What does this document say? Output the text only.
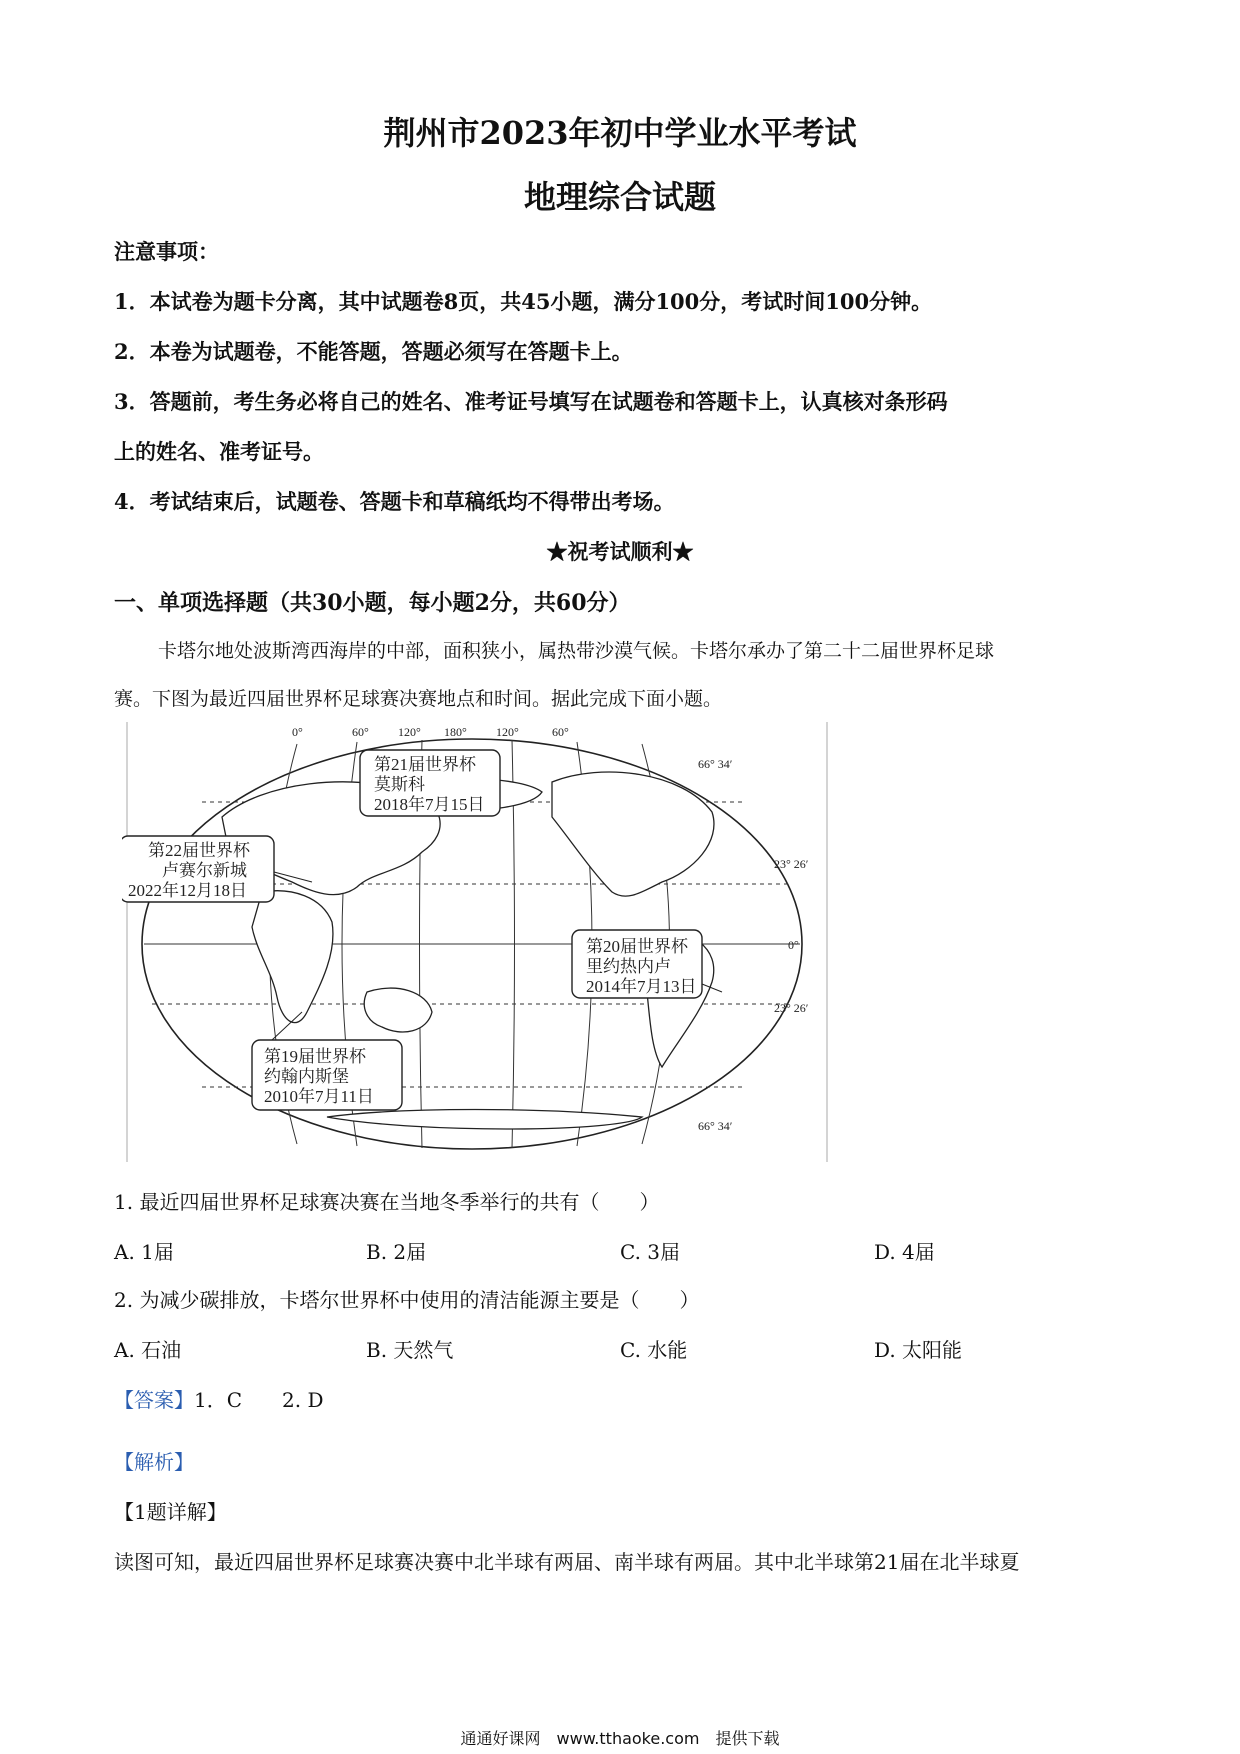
荆州市2023年初中学业水平考试
地理综合试题
注意事项：
1．本试卷为题卡分离，其中试题卷8页，共45小题，满分100分，考试时间100分钟。
2．本卷为试题卷，不能答题，答题必须写在答题卡上。
3．答题前，考生务必将自己的姓名、准考证号填写在试题卷和答题卡上，认真核对条形码
上的姓名、准考证号。
4．考试结束后，试题卷、答题卡和草稿纸均不得带出考场。
★祝考试顺利★
一、单项选择题（共30小题，每小题2分，共60分）
卡塔尔地处波斯湾西海岸的中部，面积狭小，属热带沙漠气候。卡塔尔承办了第二十二届世界杯足球
赛。下图为最近四届世界杯足球赛决赛地点和时间。据此完成下面小题。
0°	60° 120° 180° 120°	60°
66° 34′
23° 26′
0°
23° 26′
66° 34′
第21届世界杯
莫斯科
2018年7月15日
第22届世界杯
卢赛尔新城
2022年12月18日
第20届世界杯
里约热内卢
2014年7月13日
第19届世界杯
约翰内斯堡
2010年7月11日
1. 最近四届世界杯足球赛决赛在当地冬季举行的共有（　　）
A. 1届	B. 2届	C. 3届	D. 4届
2. 为减少碳排放，卡塔尔世界杯中使用的清洁能源主要是（　　）
A. 石油	B. 天然气	C. 水能	D. 太阳能
【答案】1．C　　2. D
【解析】
【1题详解】
读图可知，最近四届世界杯足球赛决赛中北半球有两届、南半球有两届。其中北半球第21届在北半球夏
通通好课网　www.tthaoke.com　提供下载
